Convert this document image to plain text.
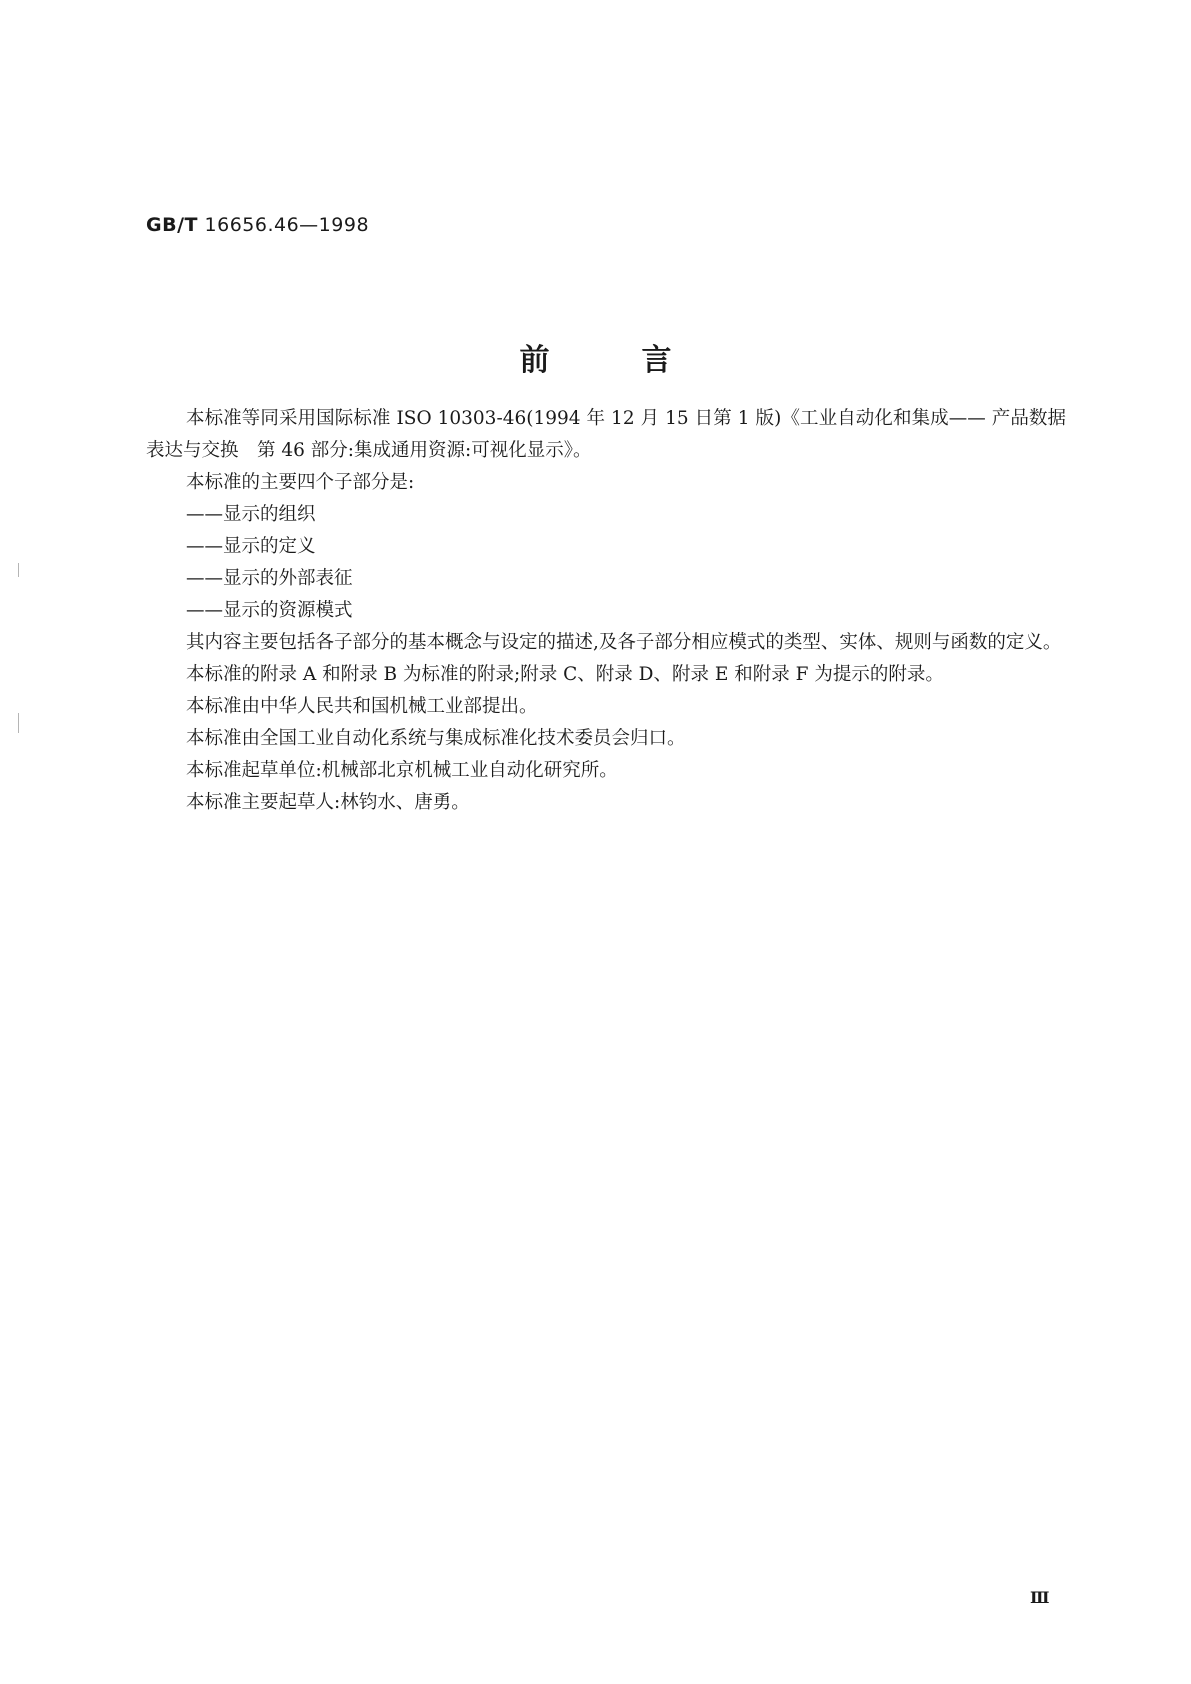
GB/T 16656.46—1998
前言

本标准等同采用国际标准 ISO 10303-46(1994 年 12 月 15 日第 1 版)《工业自动化和集成—— 产品数据表达与交换　第 46 部分:集成通用资源:可视化显示》。

本标准的主要四个子部分是:

——显示的组织

——显示的定义

——显示的外部表征

——显示的资源模式

其内容主要包括各子部分的基本概念与设定的描述,及各子部分相应模式的类型、实体、规则与函数的定义。

本标准的附录 A 和附录 B 为标准的附录;附录 C、附录 D、附录 E 和附录 F 为提示的附录。

本标准由中华人民共和国机械工业部提出。

本标准由全国工业自动化系统与集成标准化技术委员会归口。

本标准起草单位:机械部北京机械工业自动化研究所。

本标准主要起草人:林钧水、唐勇。

Ⅲ
